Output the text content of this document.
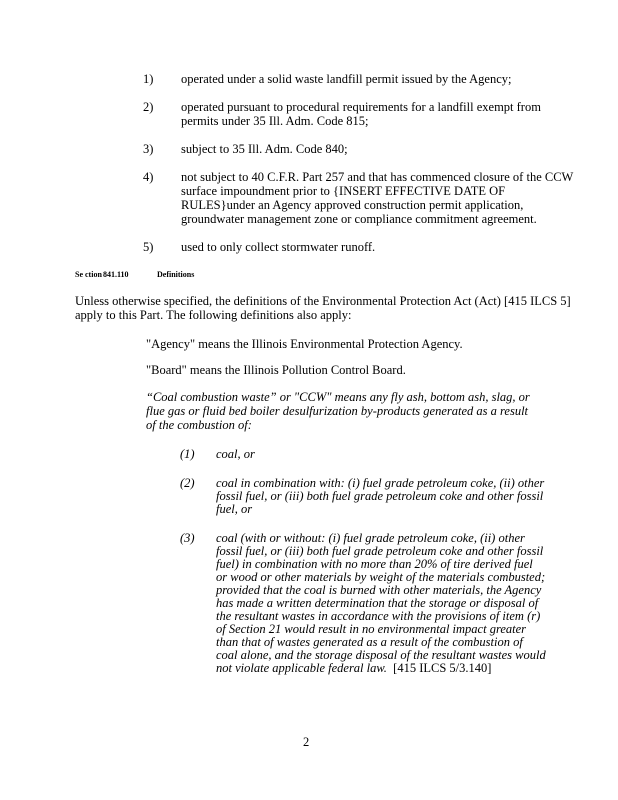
1) operated under a solid waste landfill permit issued by the Agency;
2) operated pursuant to procedural requirements for a landfill exempt from permits under 35 Ill. Adm. Code 815;
3) subject to 35 Ill. Adm. Code 840;
4) not subject to 40 C.F.R. Part 257 and that has commenced closure of the CCW surface impoundment prior to {INSERT EFFECTIVE DATE OF RULES}under an Agency approved construction permit application, groundwater management zone or compliance commitment agreement.
5) used to only collect stormwater runoff.
Se ction 841.110	Definitions
Unless otherwise specified, the definitions of the Environmental Protection Act (Act) [415 ILCS 5] apply to this Part. The following definitions also apply:
"Agency" means the Illinois Environmental Protection Agency.
"Board" means the Illinois Pollution Control Board.
“Coal combustion waste” or "CCW" means any fly ash, bottom ash, slag, or flue gas or fluid bed boiler desulfurization by-products generated as a result of the combustion of:
(1) coal, or
(2) coal in combination with: (i) fuel grade petroleum coke, (ii) other fossil fuel, or (iii) both fuel grade petroleum coke and other fossil fuel, or
(3) coal (with or without: (i) fuel grade petroleum coke, (ii) other fossil fuel, or (iii) both fuel grade petroleum coke and other fossil fuel) in combination with no more than 20% of tire derived fuel or wood or other materials by weight of the materials combusted; provided that the coal is burned with other materials, the Agency has made a written determination that the storage or disposal of the resultant wastes in accordance with the provisions of item (r) of Section 21 would result in no environmental impact greater than that of wastes generated as a result of the combustion of coal alone, and the storage disposal of the resultant wastes would not violate applicable federal law. [415 ILCS 5/3.140]
2
